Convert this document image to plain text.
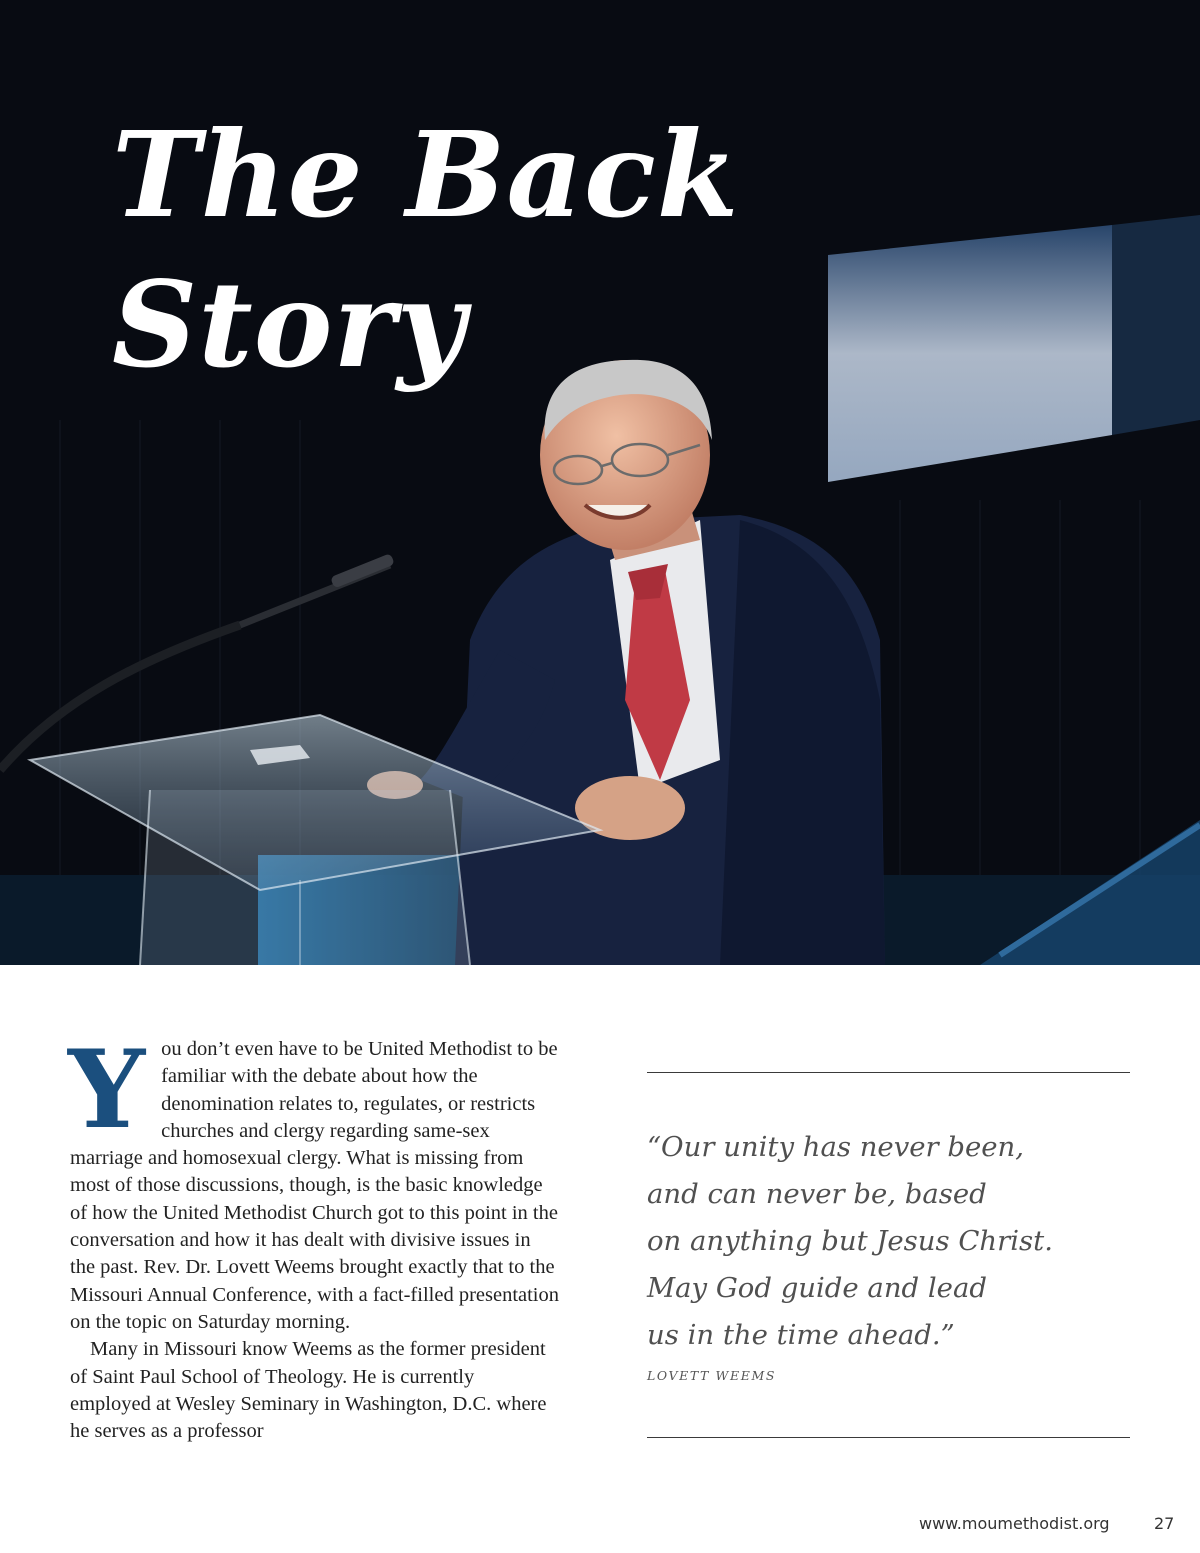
The Back
Story

You don’t even have to be United Methodist to be familiar with the debate about how the denomination relates to, regulates, or restricts churches and clergy regarding same-sex marriage and homosexual clergy. What is missing from most of those discussions, though, is the basic knowledge of how the United Methodist Church got to this point in the conversation and how it has dealt with divisive issues in the past. Rev. Dr. Lovett Weems brought exactly that to the Missouri Annual Conference, with a fact-filled presentation on the topic on Saturday morning.

Many in Missouri know Weems as the former president of Saint Paul School of Theology. He is currently employed at Wesley Seminary in Washington, D.C. where he serves as a professor

“Our unity has never been,
and can never be, based
on anything but Jesus Christ.
May God guide and lead
us in the time ahead.”

LOVETT WEEMS
www.moumethodist.org	27
